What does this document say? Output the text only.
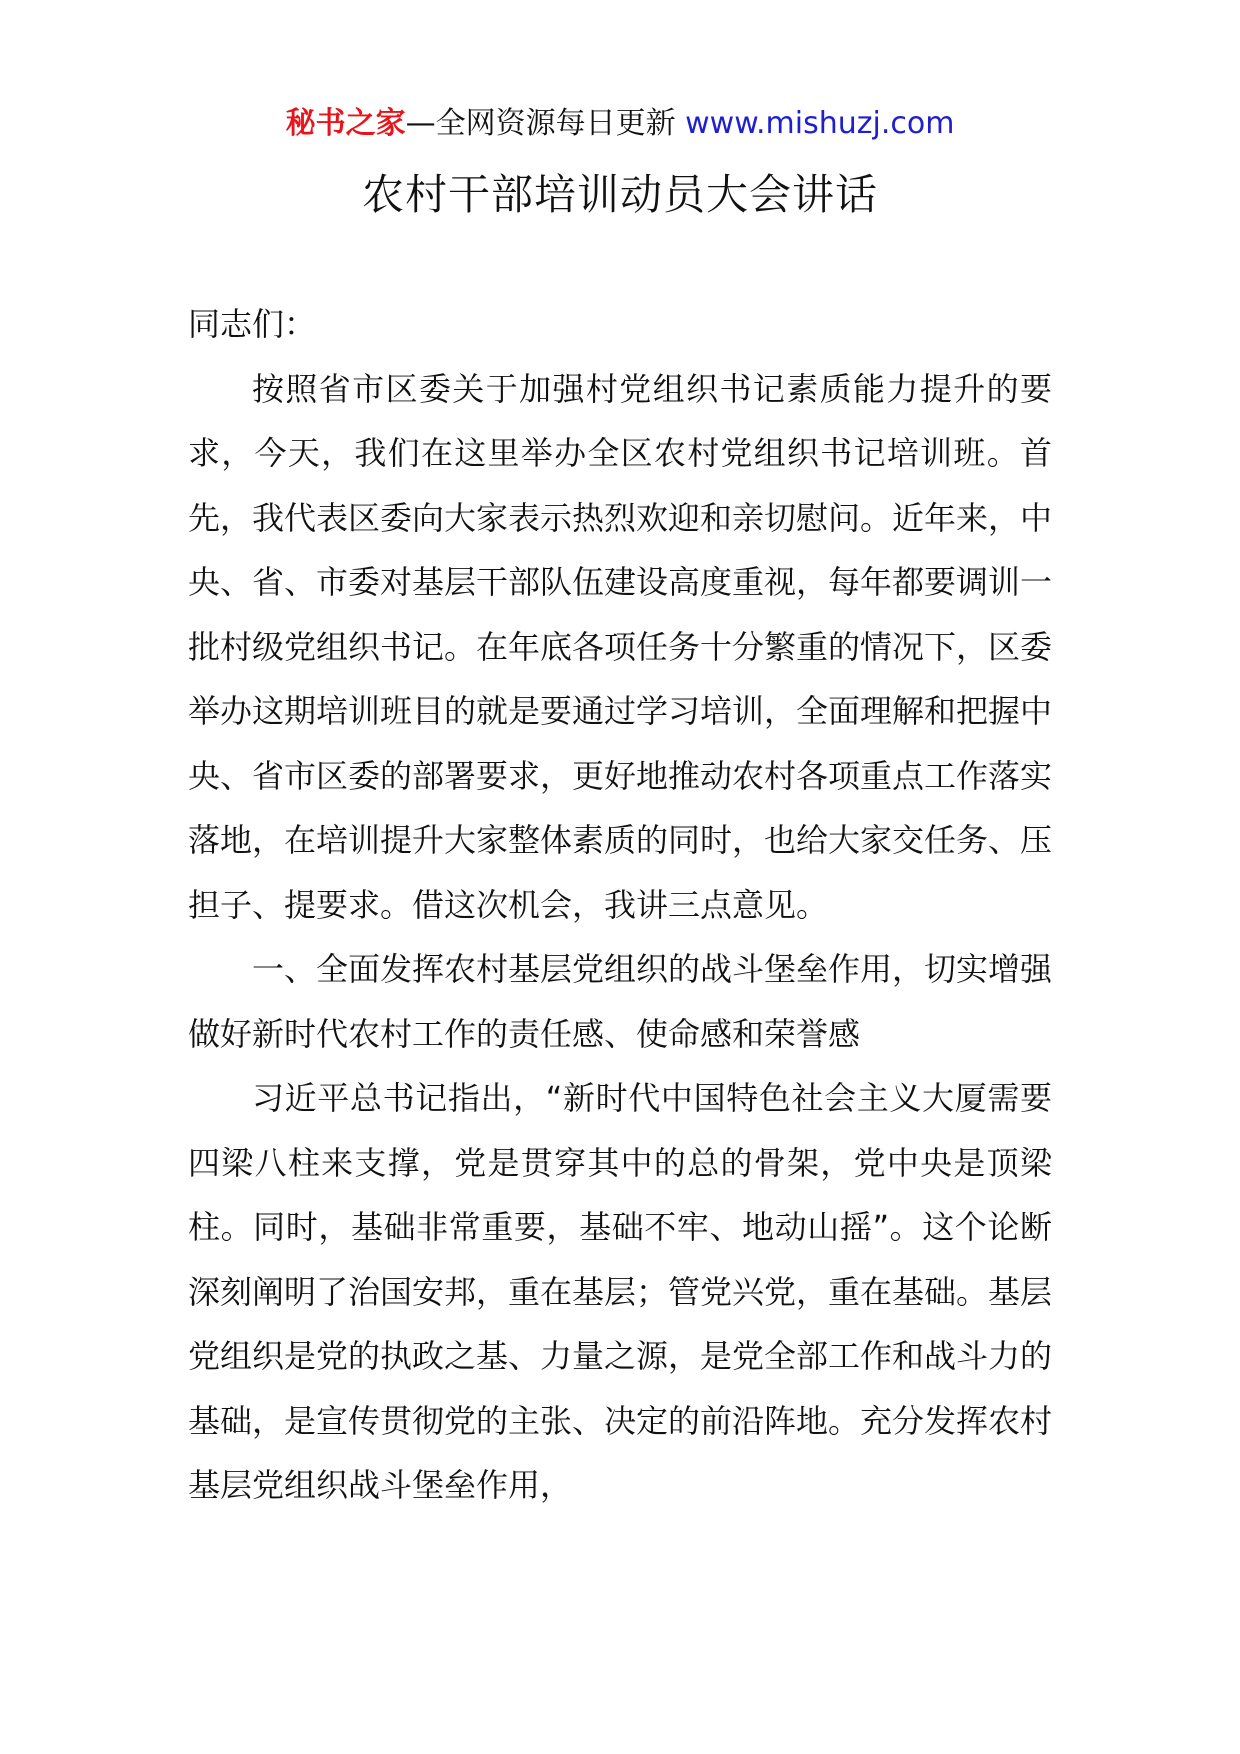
秘书之家—全网资源每日更新 www.mishuzj.com
农村干部培训动员大会讲话

同志们：

按照省市区委关于加强村党组织书记素质能力提升的要求，今天，我们在这里举办全区农村党组织书记培训班。首先，我代表区委向大家表示热烈欢迎和亲切慰问。近年来，中央、省、市委对基层干部队伍建设高度重视，每年都要调训一批村级党组织书记。在年底各项任务十分繁重的情况下，区委举办这期培训班目的就是要通过学习培训，全面理解和把握中央、省市区委的部署要求，更好地推动农村各项重点工作落实落地，在培训提升大家整体素质的同时，也给大家交任务、压担子、提要求。借这次机会，我讲三点意见。

一、全面发挥农村基层党组织的战斗堡垒作用，切实增强做好新时代农村工作的责任感、使命感和荣誉感

习近平总书记指出，“新时代中国特色社会主义大厦需要四梁八柱来支撑，党是贯穿其中的总的骨架，党中央是顶梁柱。同时，基础非常重要，基础不牢、地动山摇”。这个论断深刻阐明了治国安邦，重在基层；管党兴党，重在基础。基层党组织是党的执政之基、力量之源，是党全部工作和战斗力的基础，是宣传贯彻党的主张、决定的前沿阵地。充分发挥农村基层党组织战斗堡垒作用，
